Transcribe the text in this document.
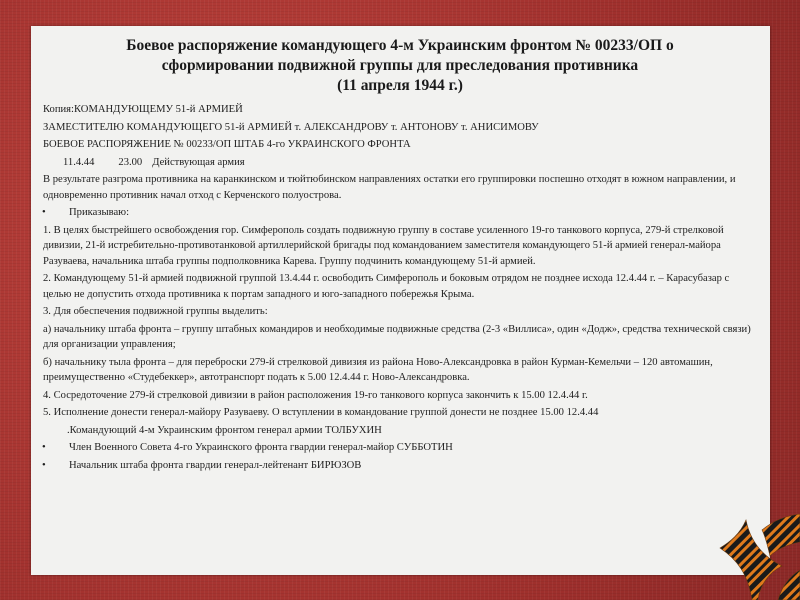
Боевое распоряжение командующего 4-м Украинским фронтом № 00233/ОП о
сформировании подвижной группы для преследования противника
(11 апреля 1944 г.)

Копия:КОМАНДУЮЩЕМУ 51-й АРМИЕЙ

ЗАМЕСТИТЕЛЮ КОМАНДУЮЩЕГО 51-й АРМИЕЙ т. АЛЕКСАНДРОВУ т. АНТОНОВУ т. АНИСИМОВУ

БОЕВОЕ РАСПОРЯЖЕНИЕ № 00233/ОП ШТАБ 4-го УКРАИНСКОГО ФРОНТА

11.4.44 23.00 Действующая армия

В результате разгрома противника на каранкинском и тюйтюбинском направлениях остатки его группировки поспешно отходят в южном направлении, и одновременно противник начал отход с Керченского полуострова.

• Приказываю:

1. В целях быстрейшего освобождения гор. Симферополь создать подвижную группу в составе усиленного 19-го танкового корпуса, 279-й стрелковой дивизии, 21-й истребительно-противотанковой артиллерийской бригады под командованием заместителя командующего 51-й армией генерал-майора Разуваева, начальника штаба группы подполковника Карева. Группу подчинить командующему 51-й армией.

2. Командующему 51-й армией подвижной группой 13.4.44 г. освободить Симферополь и боковым отрядом не позднее исхода 12.4.44 г. – Карасубазар с целью не допустить отхода противника к портам западного и юго-западного побережья Крыма.

3. Для обеспечения подвижной группы выделить:

а) начальнику штаба фронта – группу штабных командиров и необходимые подвижные средства (2-3 «Виллиса», один «Додж», средства технической связи) для организации управления;

б) начальнику тыла фронта – для переброски 279-й стрелковой дивизия из района Ново-Александровка в район Курман-Кемельчи – 120 автомашин, преимущественно «Студебеккер», автотранспорт подать к 5.00 12.4.44 г. Ново-Александровка.

4. Сосредоточение 279-й стрелковой дивизии в район расположения 19-го танкового корпуса закончить к 15.00 12.4.44 г.

5. Исполнение донести генерал-майору Разуваеву. О вступлении в командование группой донести не позднее 15.00 12.4.44

.Командующий 4-м Украинским фронтом генерал армии ТОЛБУХИН

• Член Военного Совета 4-го Украинского фронта гвардии генерал-майор СУББОТИН

• Начальник штаба фронта гвардии генерал-лейтенант БИРЮЗОВ
